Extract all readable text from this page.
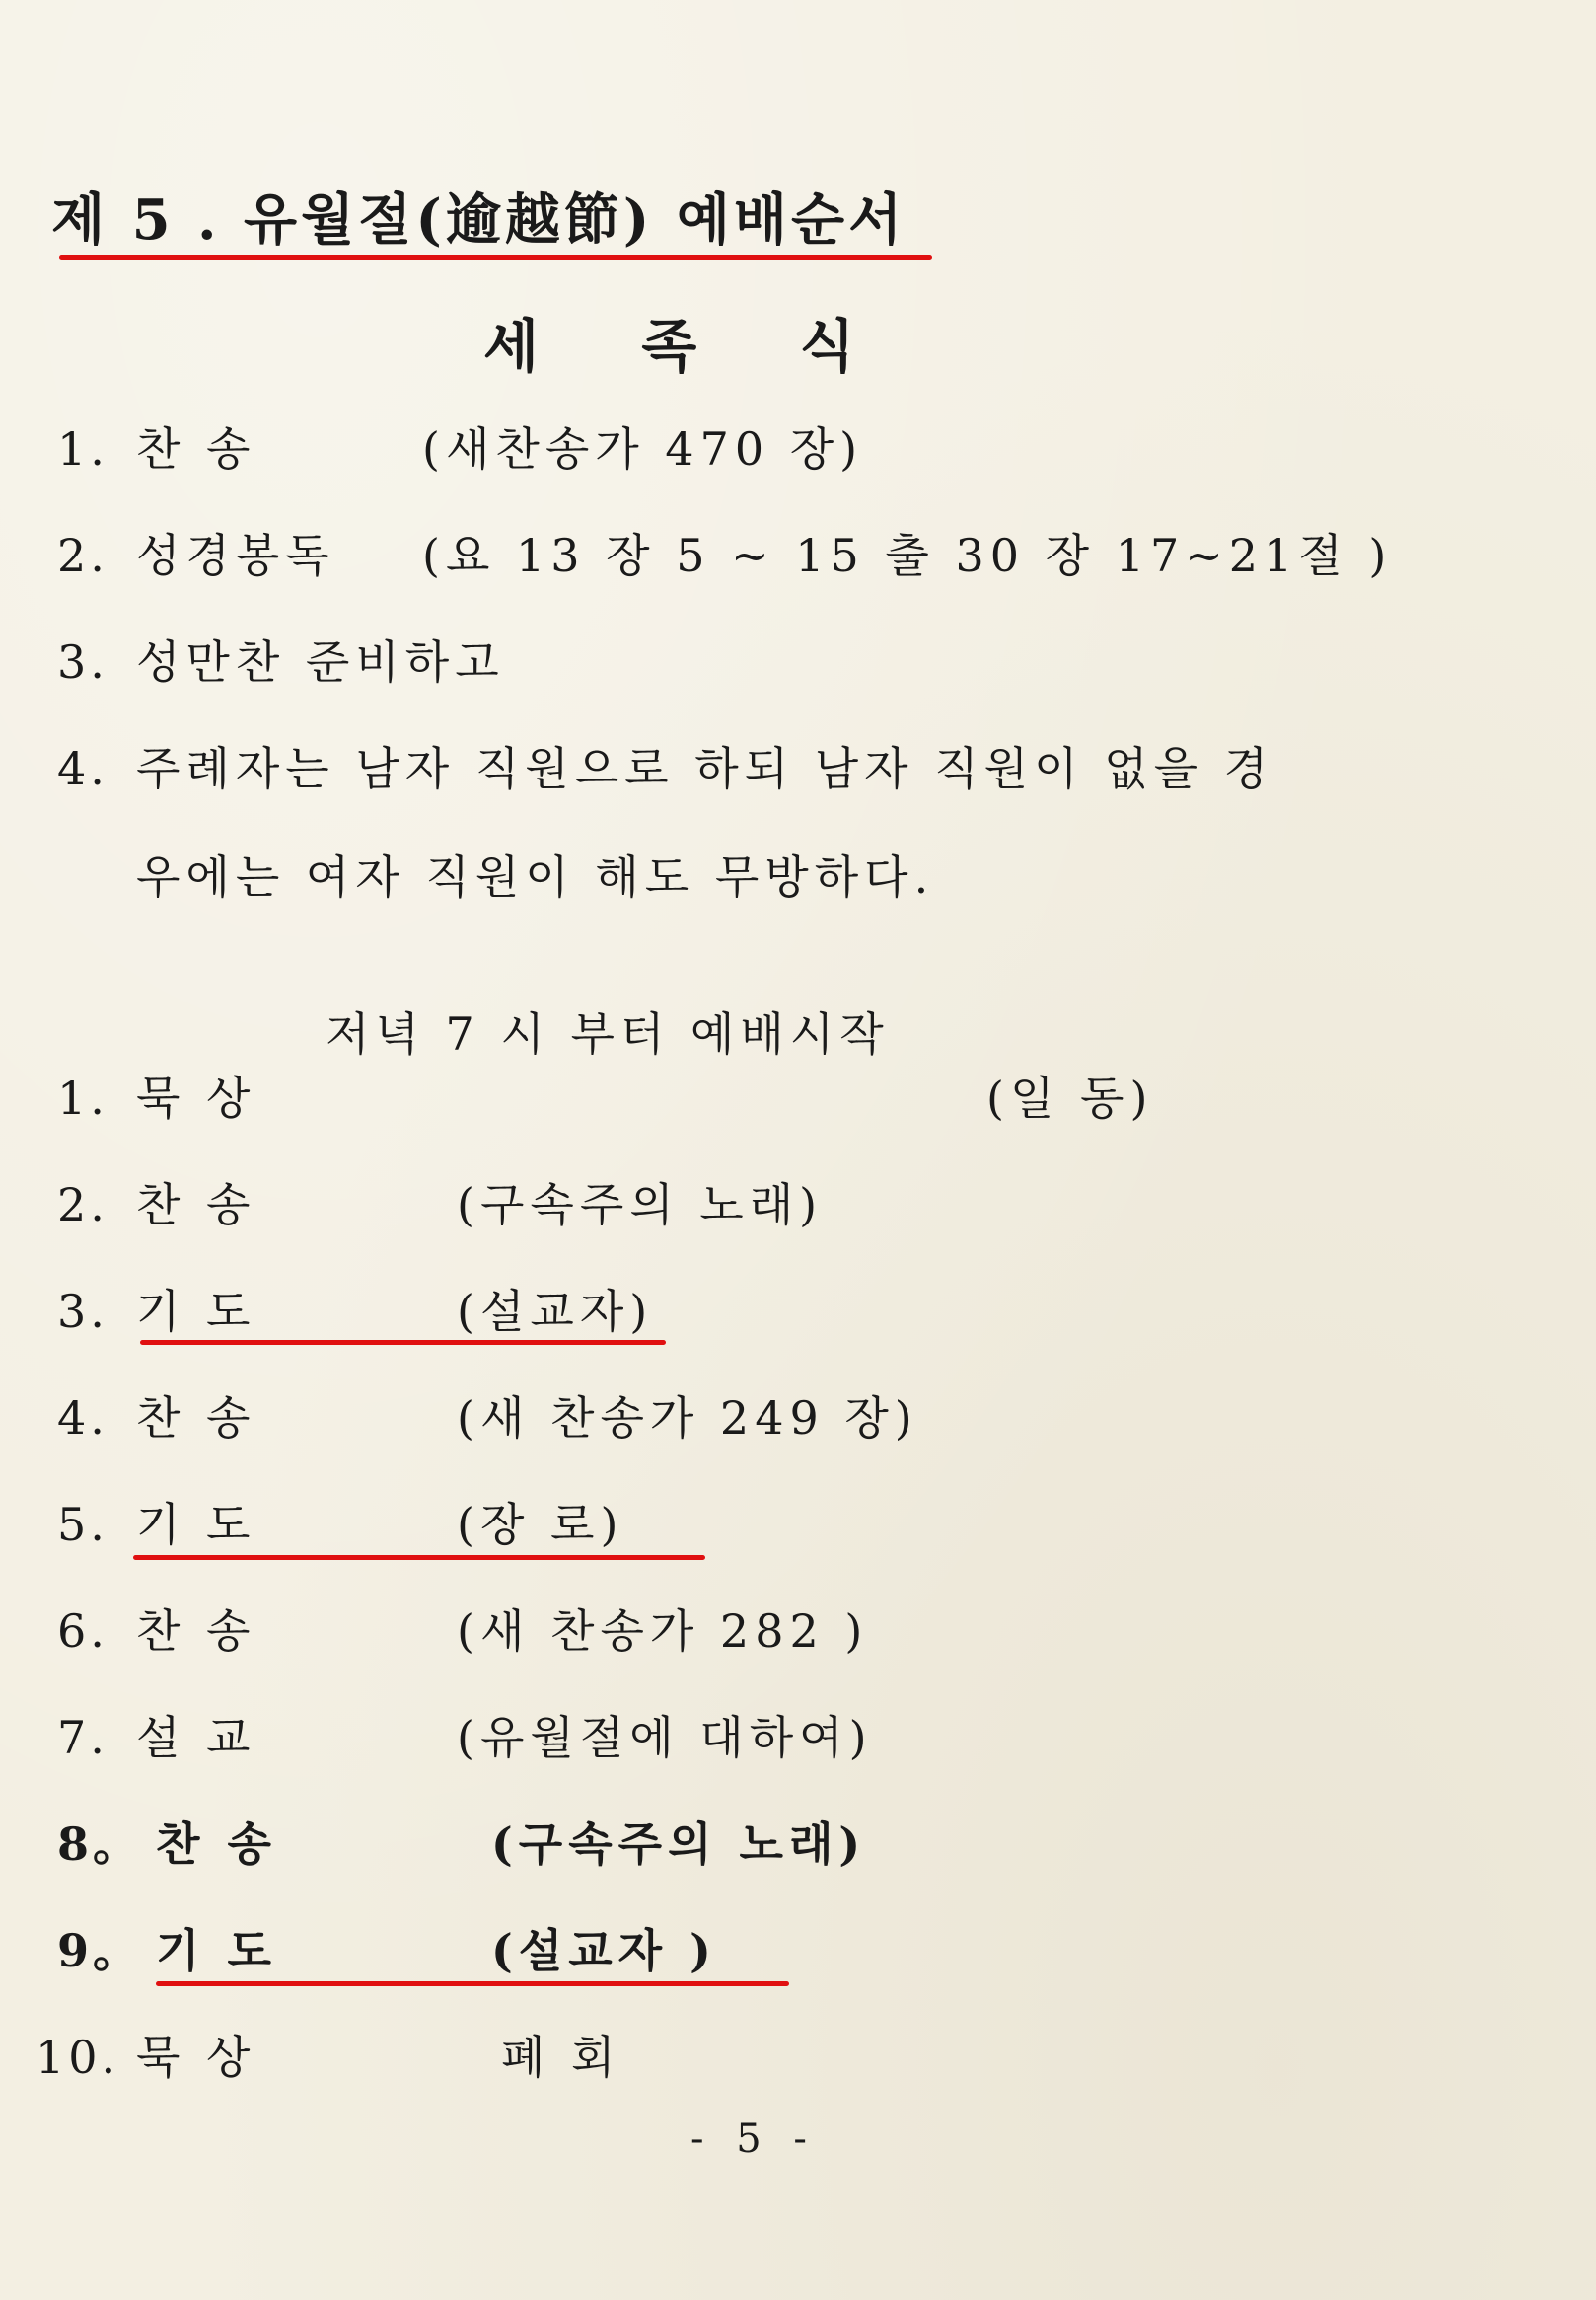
제 5 . 유월절(逾越節) 예배순서
세 족 식
1. 찬 송	(새찬송가 470 장)
2. 성경봉독 (요 13 장 5 ~ 15 출 30 장 17~21절 )
3. 성만찬 준비하고
4. 주례자는 남자 직원으로 하되 남자 직원이 없을 경
우에는 여자 직원이 해도 무방하다.
저녁 7 시 부터 예배시작
1. 묵 상	(일 동)
2. 찬 송	(구속주의 노래)
3. 기 도	(설교자)
4. 찬 송	(새 찬송가 249 장)
5. 기 도	(장 로)
6. 찬 송	(새 찬송가 282 )
7. 설 교	(유월절에 대하여)
8。 찬 송	(구속주의 노래)
9。 기 도	(설교자 )
10. 묵 상	폐 회
- 5 -
